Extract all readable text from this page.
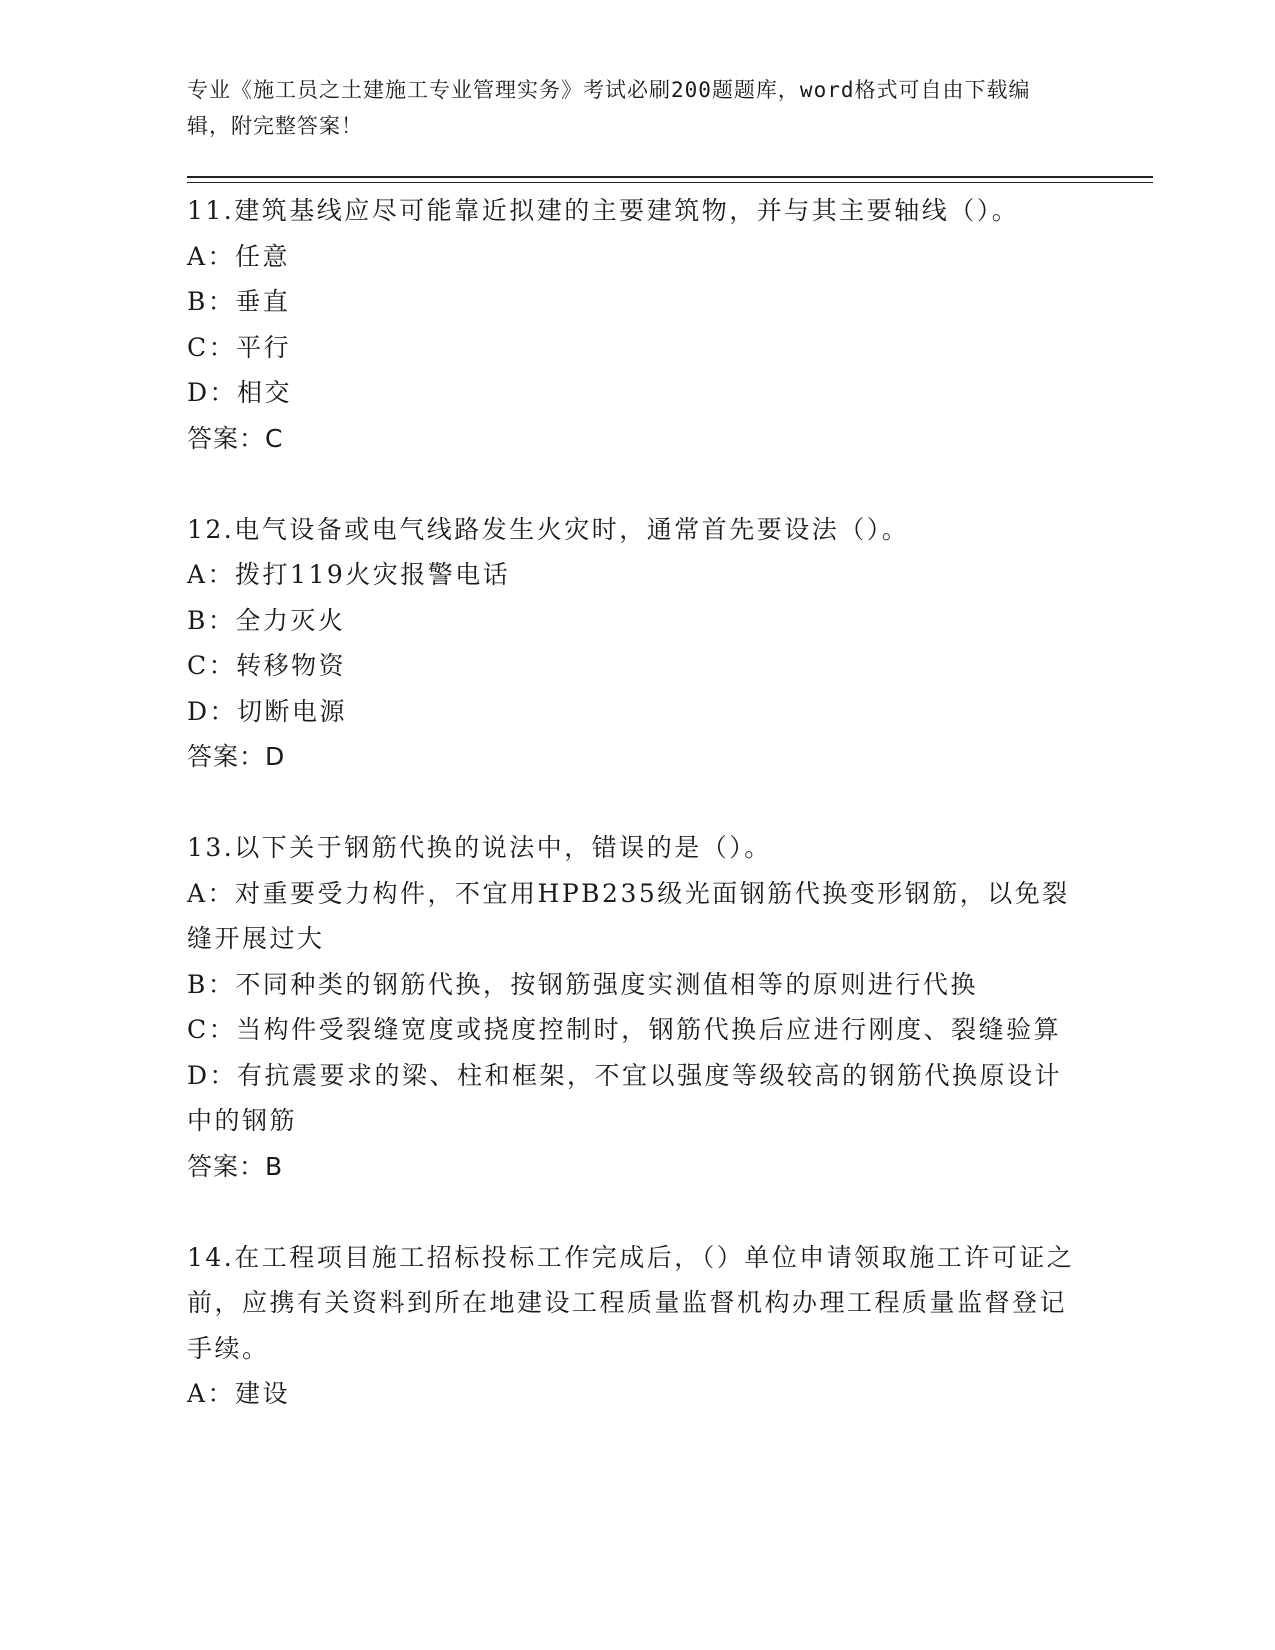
专业《施工员之土建施工专业管理实务》考试必刷200题题库，word格式可自由下载编辑，附完整答案！

11.建筑基线应尽可能靠近拟建的主要建筑物，并与其主要轴线（）。

A：任意

B：垂直

C：平行

D：相交

答案：C

12.电气设备或电气线路发生火灾时，通常首先要设法（）。

A：拨打119火灾报警电话

B：全力灭火

C：转移物资

D：切断电源

答案：D

13.以下关于钢筋代换的说法中，错误的是（）。

A：对重要受力构件，不宜用HPB235级光面钢筋代换变形钢筋，以免裂缝开展过大

B：不同种类的钢筋代换，按钢筋强度实测值相等的原则进行代换

C：当构件受裂缝宽度或挠度控制时，钢筋代换后应进行刚度、裂缝验算

D：有抗震要求的梁、柱和框架，不宜以强度等级较高的钢筋代换原设计中的钢筋

答案：B

14.在工程项目施工招标投标工作完成后，（）单位申请领取施工许可证之前，应携有关资料到所在地建设工程质量监督机构办理工程质量监督登记手续。

A：建设
